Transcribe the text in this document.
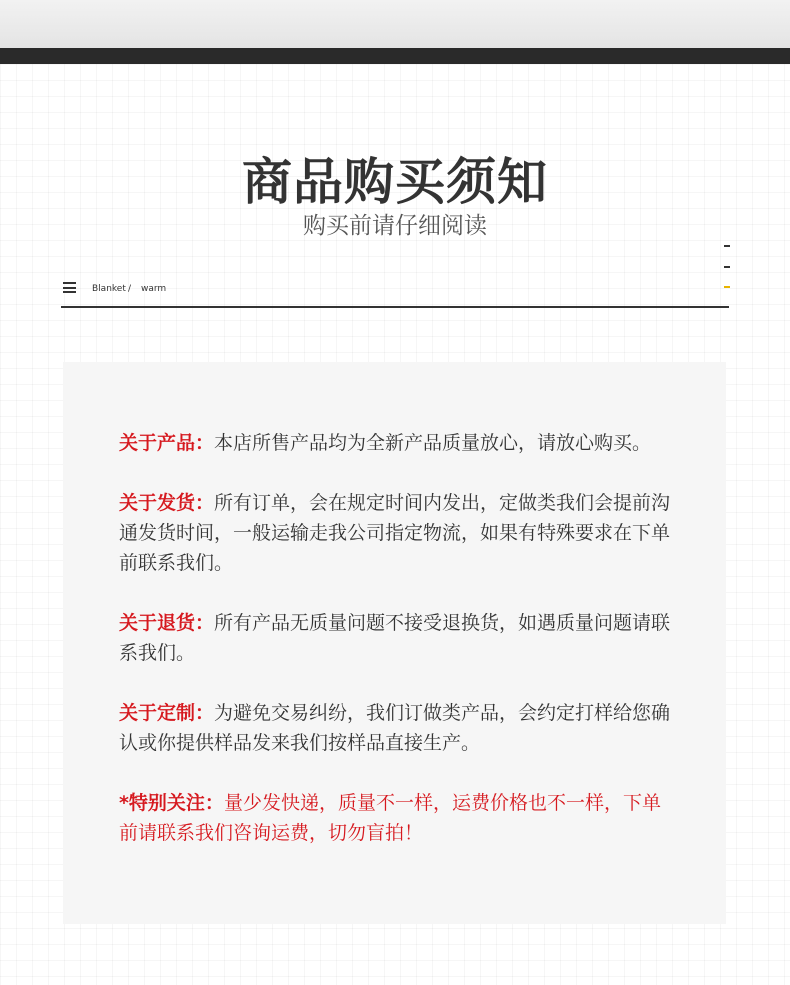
商品购买须知
购买前请仔细阅读
Blanket / warm
关于产品：本店所售产品均为全新产品质量放心，请放心购买。
关于发货：所有订单，会在规定时间内发出，定做类我们会提前沟通发货时间，一般运输走我公司指定物流，如果有特殊要求在下单前联系我们。
关于退货：所有产品无质量问题不接受退换货，如遇质量问题请联系我们。
关于定制：为避免交易纠纷，我们订做类产品，会约定打样给您确认或你提供样品发来我们按样品直接生产。
*特别关注：量少发快递，质量不一样，运费价格也不一样，下单前请联系我们咨询运费，切勿盲拍！
